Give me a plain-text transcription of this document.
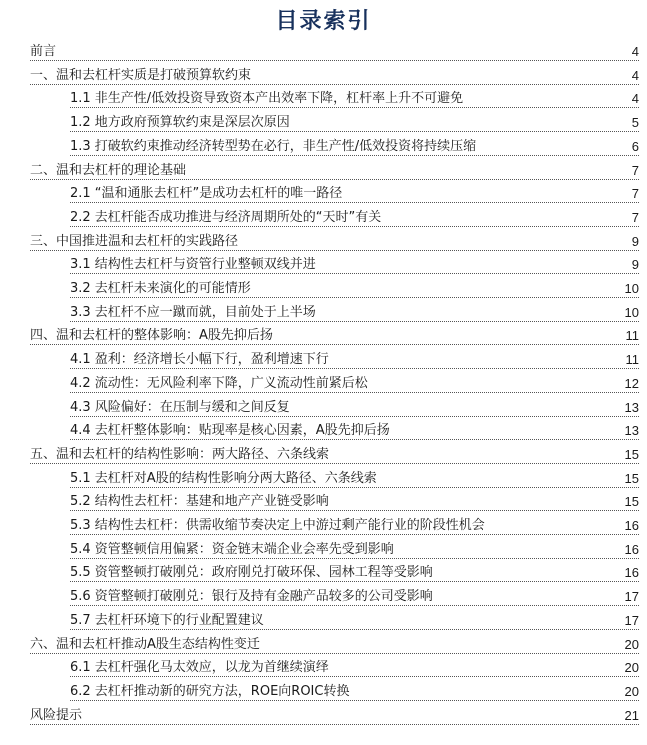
目录索引
前言	4
一、温和去杠杆实质是打破预算软约束	4
1.1 非生产性/低效投资导致资本产出效率下降，杠杆率上升不可避免	4
1.2 地方政府预算软约束是深层次原因	5
1.3 打破软约束推动经济转型势在必行，非生产性/低效投资将持续压缩	6
二、温和去杠杆的理论基础	7
2.1 “温和通胀去杠杆”是成功去杠杆的唯一路径	7
2.2 去杠杆能否成功推进与经济周期所处的“天时”有关	7
三、中国推进温和去杠杆的实践路径	9
3.1 结构性去杠杆与资管行业整顿双线并进	9
3.2 去杠杆未来演化的可能情形	10
3.3 去杠杆不应一蹴而就，目前处于上半场	10
四、温和去杠杆的整体影响：A股先抑后扬	11
4.1 盈利：经济增长小幅下行，盈利增速下行	11
4.2 流动性：无风险利率下降，广义流动性前紧后松	12
4.3 风险偏好：在压制与缓和之间反复	13
4.4 去杠杆整体影响：贴现率是核心因素，A股先抑后扬	13
五、温和去杠杆的结构性影响：两大路径、六条线索	15
5.1 去杠杆对A股的结构性影响分两大路径、六条线索	15
5.2 结构性去杠杆：基建和地产产业链受影响	15
5.3 结构性去杠杆：供需收缩节奏决定上中游过剩产能行业的阶段性机会	16
5.4 资管整顿信用偏紧：资金链末端企业会率先受到影响	16
5.5 资管整顿打破刚兑：政府刚兑打破环保、园林工程等受影响	16
5.6 资管整顿打破刚兑：银行及持有金融产品较多的公司受影响	17
5.7 去杠杆环境下的行业配置建议	17
六、温和去杠杆推动A股生态结构性变迁	20
6.1 去杠杆强化马太效应，以龙为首继续演绎	20
6.2 去杠杆推动新的研究方法，ROE向ROIC转换	20
风险提示	21
